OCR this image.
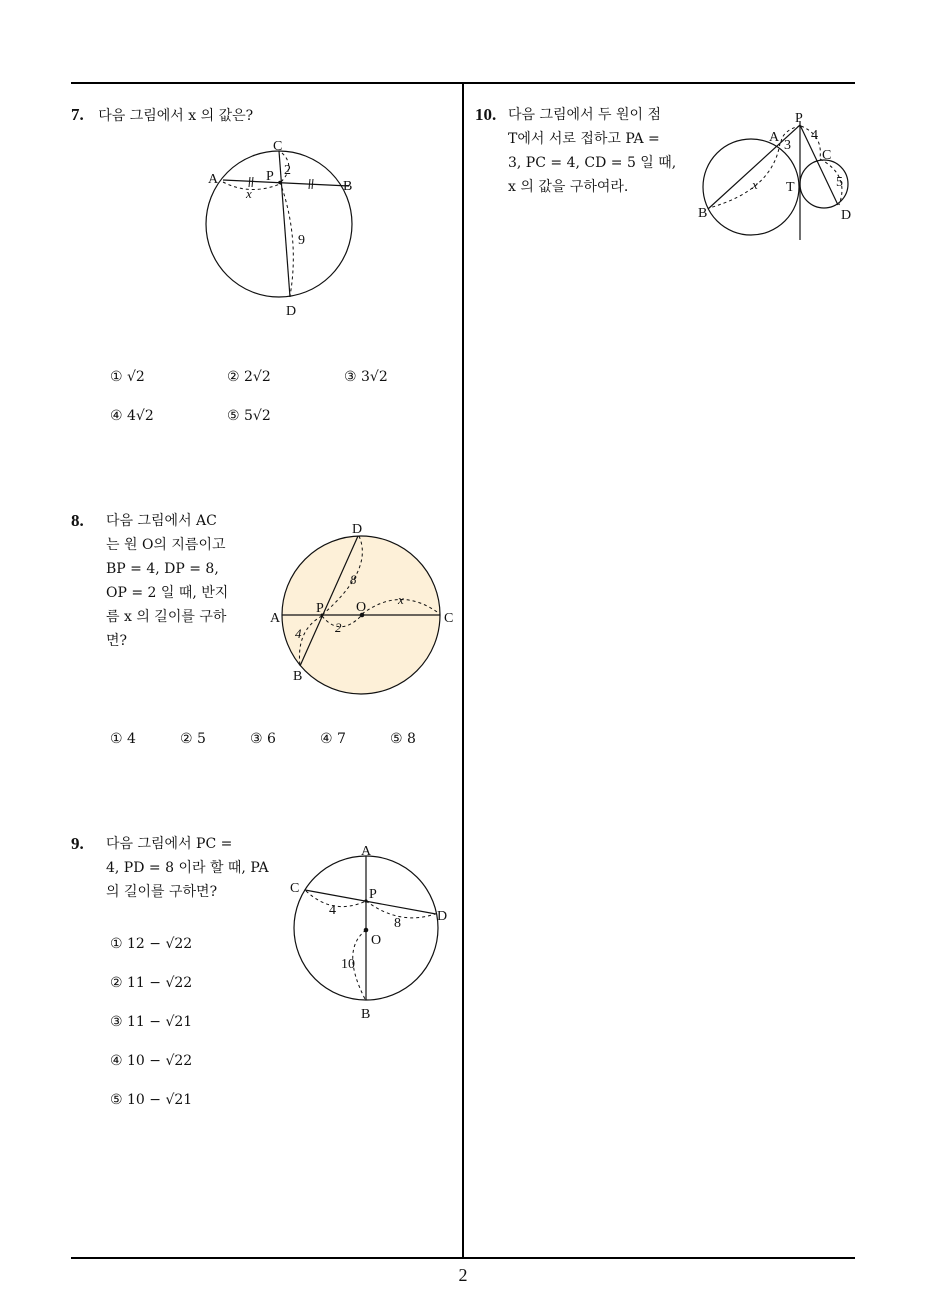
7. 다음 그림에서 x 의 값은?
A	B
C
D
P
x
2
9
① √2	② 2√2	③ 3√2
④ 4√2	⑤ 5√2
8. 다음 그림에서 AC
는 원 O의 지름이고
BP = 4, DP = 8,
OP = 2 일 때, 반지
름 x 의 길이를 구하
면?
A	C
D
B
P O
x
8
4	2
① 4	② 5	③ 6	④ 7	⑤ 8
9. 다음 그림에서 PC =
4, PD = 8 이라 할 때, PA
의 길이를 구하면?
A
B
C
D
P
O
4
8
10
① 12 − √22
② 11 − √22
③ 11 − √21
④ 10 − √22
⑤ 10 − √21
10. 다음 그림에서 두 원이 점
T에서 서로 접하고 PA =
3, PC = 4, CD = 5 일 때,
x 의 값을 구하여라.
P
A
B
C
D
T
x
3
4
5
2
